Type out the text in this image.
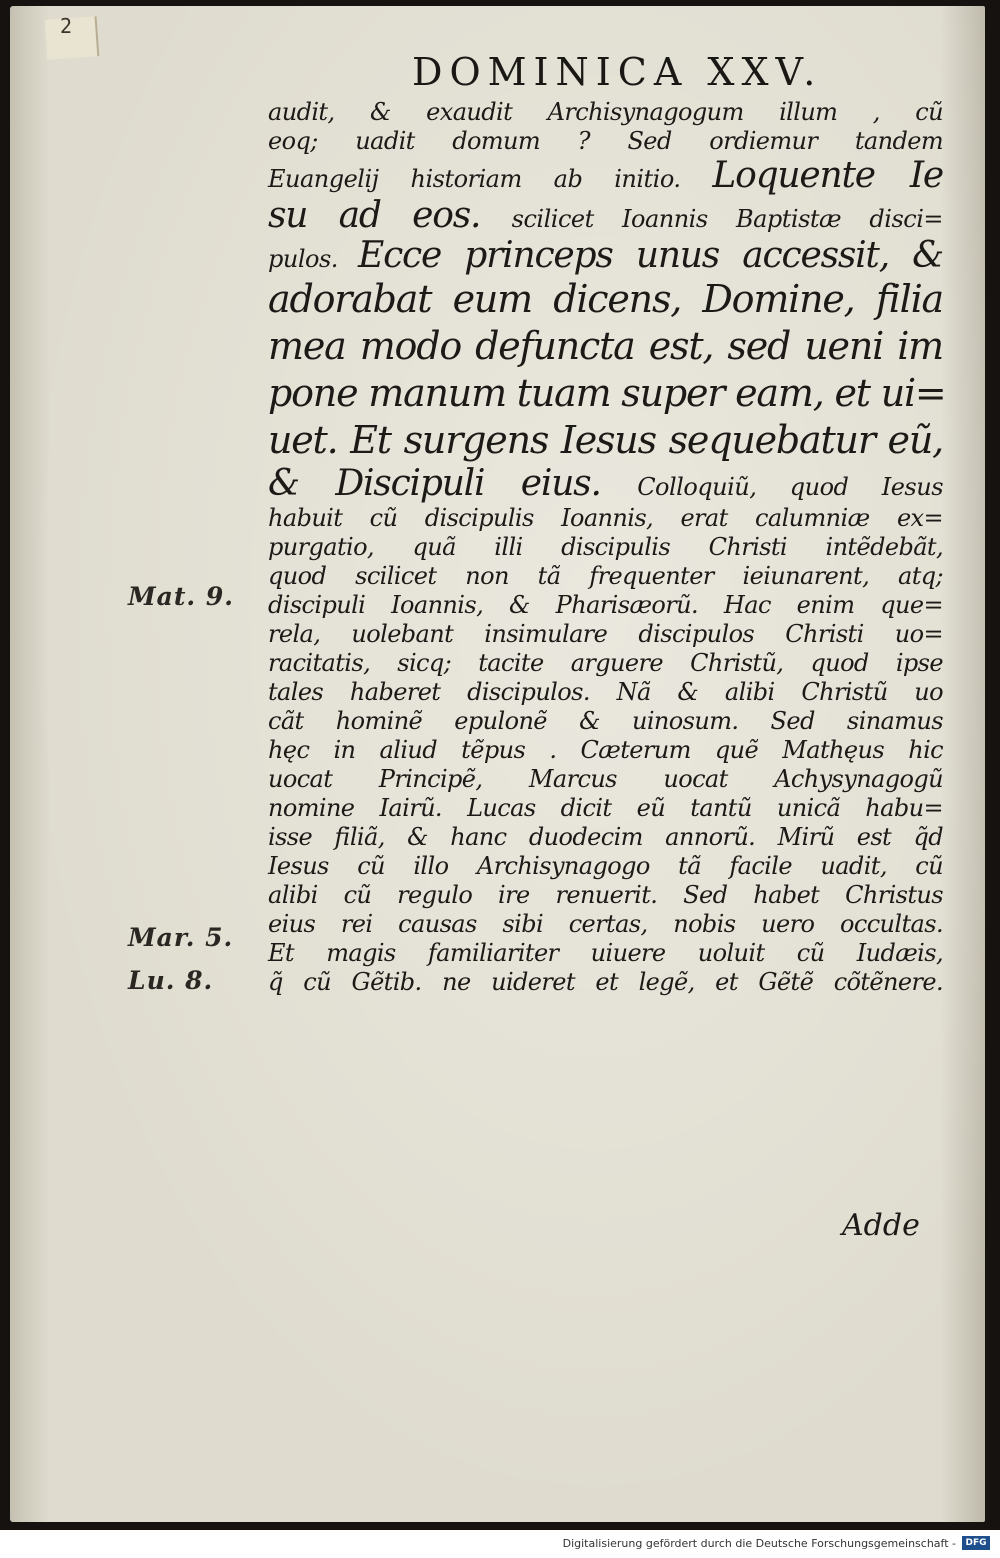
2
DOMINICA XXV.
audit, & exaudit Archisynagogum illum , cũ
eoq; uadit domum ? Sed ordiemur tandem
Euangelij historiam ab initio. Loquente Ie
su ad eos. scilicet Ioannis Baptistæ disci=
pulos. Ecce princeps unus accessit, &
adorabat eum dicens, Domine, filia
mea modo defuncta est, sed ueni im
pone manum tuam super eam, et ui=
uet. Et surgens Iesus sequebatur eũ,
& Discipuli eius. Colloquiũ, quod Iesus
habuit cũ discipulis Ioannis, erat calumniæ ex=
purgatio, quã illi discipulis Christi intẽdebãt,
quod scilicet non tã frequenter ieiunarent, atq;
discipuli Ioannis, & Pharisæorũ. Hac enim que=
rela, uolebant insimulare discipulos Christi uo=
racitatis, sicq; tacite arguere Christũ, quod ipse
tales haberet discipulos. Nã & alibi Christũ uo
cãt hominẽ epulonẽ & uinosum. Sed sinamus
hęc in aliud tẽpus . Cæterum quẽ Mathęus hic
uocat Principẽ, Marcus uocat Achysynagogũ
nomine Iairũ. Lucas dicit eũ tantũ unicã habu=
isse filiã, & hanc duodecim annorũ. Mirũ est q̃d
Iesus cũ illo Archisynagogo tã facile uadit, cũ
alibi cũ regulo ire renuerit. Sed habet Christus
eius rei causas sibi certas, nobis uero occultas.
Et magis familiariter uiuere uoluit cũ Iudæis,
q̃ cũ Gẽtib. ne uideret et legẽ, et Gẽtẽ cõtẽnere.
Mat. 9.
Mar. 5.
Lu. 8.
Adde
Digitalisierung gefördert durch die Deutsche Forschungsgemeinschaft -	DFG
